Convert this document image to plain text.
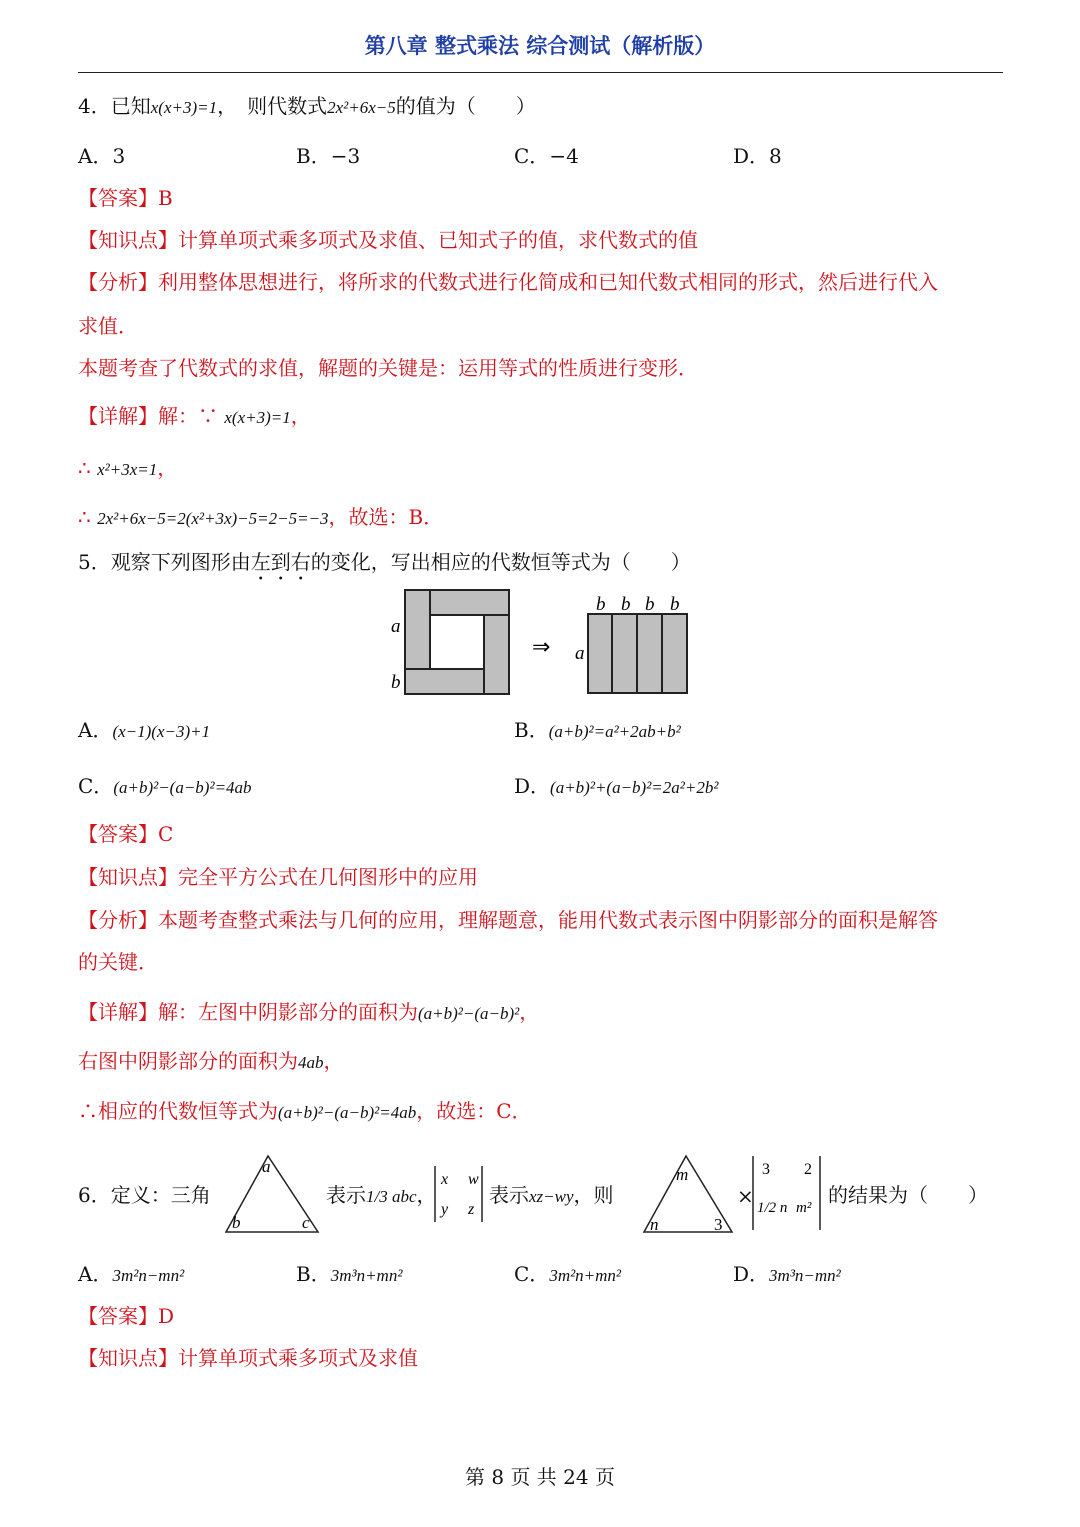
第八章 整式乘法 综合测试（解析版）
4．已知x(x+3)=1，　则代数式2x²+6x−5的值为（　　）
A．3	B．−3	C．−4	D．8
【答案】B
【知识点】计算单项式乘多项式及求值、已知式子的值，求代数式的值
【分析】利用整体思想进行，将所求的代数式进行化简成和已知代数式相同的形式，然后进行代入
求值．
本题考查了代数式的求值，解题的关键是：运用等式的性质进行变形．
【详解】解：∵ x(x+3)=1，
∴ x²+3x=1，
∴ 2x²+6x−5=2(x²+3x)−5=2−5=−3，故选：B．
5．观察下列图形由左到右的变化，写出相应的代数恒等式为（　　）
a
b
⇒
b b b b
a
A．(x−1)(x−3)+1	B．(a+b)²=a²+2ab+b²
C．(a+b)²−(a−b)²=4ab	D．(a+b)²+(a−b)²=2a²+2b²
【答案】C
【知识点】完全平方公式在几何图形中的应用
【分析】本题考查整式乘法与几何的应用，理解题意，能用代数式表示图中阴影部分的面积是解答
的关键．
【详解】解：左图中阴影部分的面积为(a+b)²−(a−b)²，
右图中阴影部分的面积为4ab，
∴相应的代数恒等式为(a+b)²−(a−b)²=4ab，故选：C．
6．定义：三角
a
b	c
表示1/3 abc，
x w
y z
表示xz−wy，则
m
n	3
×
3 2
1/2 n m²
的结果为（　　）
A．3m²n−mn²	B．3m³n+mn²	C．3m²n+mn²	D．3m³n−mn²
【答案】D
【知识点】计算单项式乘多项式及求值
第 8 页 共 24 页
